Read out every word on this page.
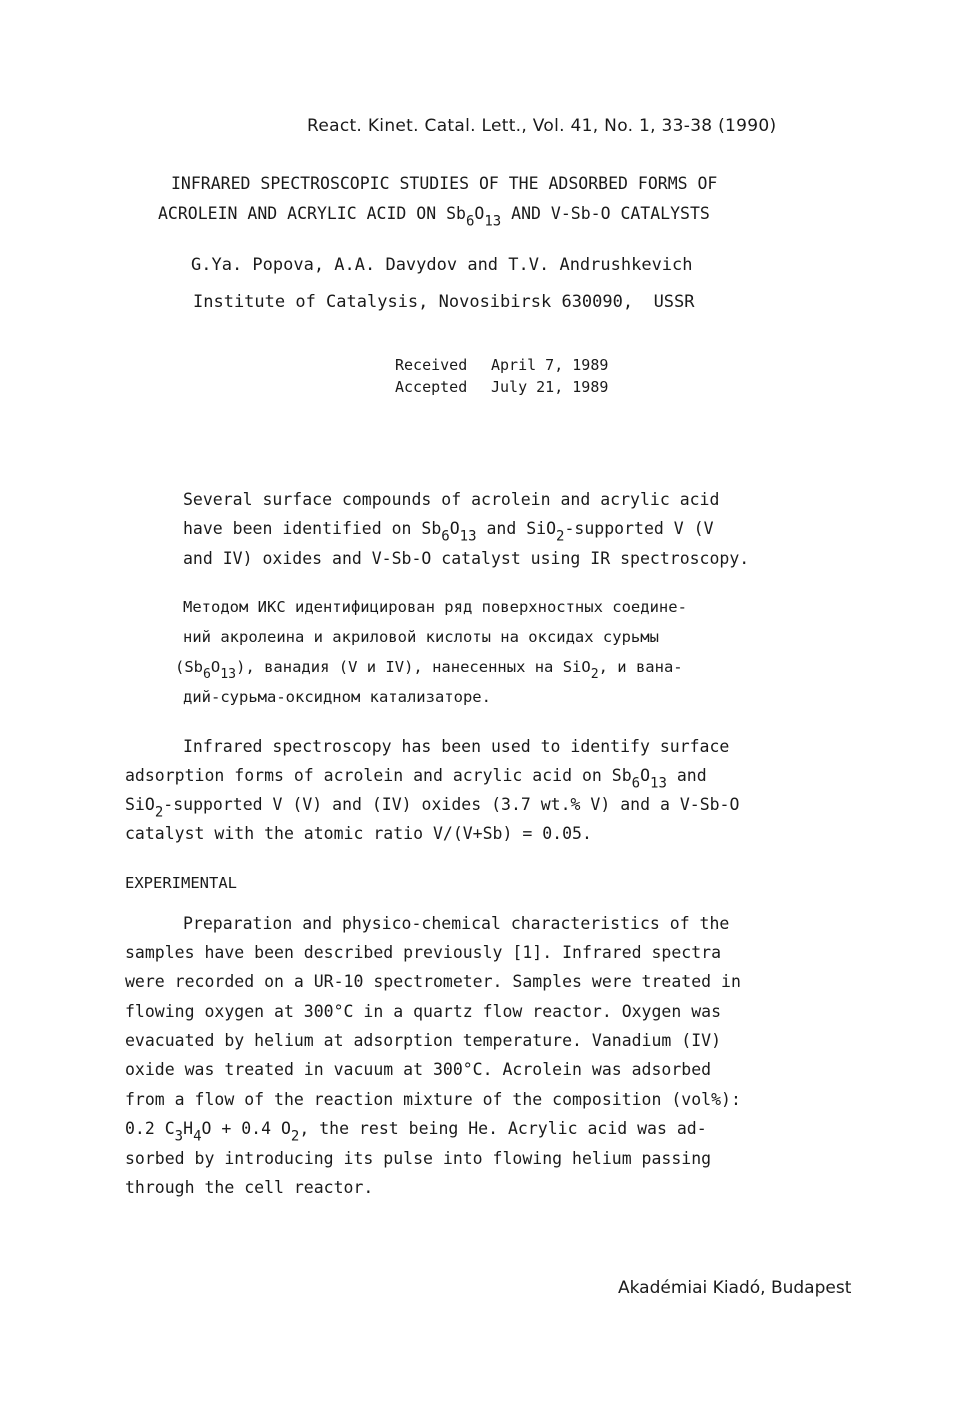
React. Kinet. Catal. Lett., Vol. 41, No. 1, 33-38 (1990)
INFRARED SPECTROSCOPIC STUDIES OF THE ADSORBED FORMS OF
ACROLEIN AND ACRYLIC ACID ON $Sb_6O_{13}$ AND V-Sb-O CATALYSTS
G.Ya. Popova, A.A. Davydov and T.V. Andrushkevich
Institute of Catalysis, Novosibirsk 630090,  USSR
Received April 7, 1989
Accepted July 21, 1989
Several surface compounds of acrolein and acrylic acid
have been identified on $Sb_6O_{13}$ and SiO$_2$-supported V (V
and IV) oxides and V-Sb-O catalyst using IR spectroscopy.
Методом ИКС идентифицирован ряд поверхностных соедине-
ний акролеина и акриловой кислоты на оксидах сурьмы
$(Sb_6O_{13})$, ванадия (V и IV), нанесенных на SiO$_2$, и вана-
дий-сурьма-оксидном катализаторе.
Infrared spectroscopy has been used to identify surface
adsorption forms of acrolein and acrylic acid on $Sb_6O_{13}$ and
SiO$_2$-supported V (V) and (IV) oxides (3.7 wt.% V) and a V-Sb-O
catalyst with the atomic ratio V/(V+Sb) = 0.05.
EXPERIMENTAL
Preparation and physico-chemical characteristics of the
samples have been described previously [1]. Infrared spectra
were recorded on a UR-10 spectrometer. Samples were treated in
flowing oxygen at 300°C in a quartz flow reactor. Oxygen was
evacuated by helium at adsorption temperature. Vanadium (IV)
oxide was treated in vacuum at 300°C. Acrolein was adsorbed
from a flow of the reaction mixture of the composition (vol%):
0.2 $C_3H_4O + 0.4$ $O_2$, the rest being He. Acrylic acid was ad-
sorbed by introducing its pulse into flowing helium passing
through the cell reactor.
Akadémiai Kiadó, Budapest
